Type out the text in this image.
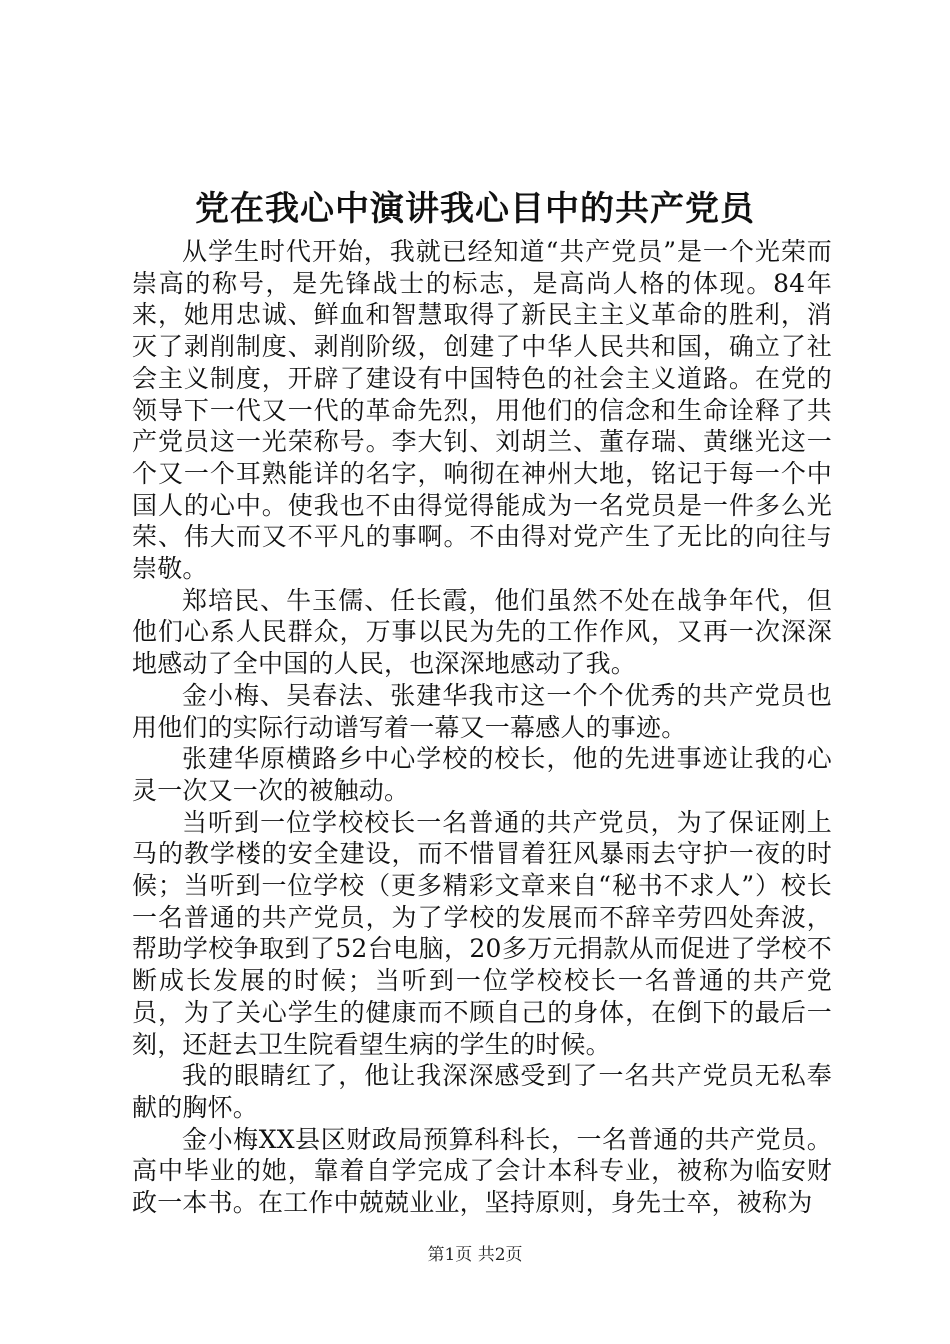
党在我心中演讲我心目中的共产党员

从学生时代开始，我就已经知道“共产党员”是一个光荣而崇高的称号，是先锋战士的标志，是高尚人格的体现。84年来，她用忠诚、鲜血和智慧取得了新民主主义革命的胜利，消灭了剥削制度、剥削阶级，创建了中华人民共和国，确立了社会主义制度，开辟了建设有中国特色的社会主义道路。在党的领导下一代又一代的革命先烈，用他们的信念和生命诠释了共产党员这一光荣称号。李大钊、刘胡兰、董存瑞、黄继光这一个又一个耳熟能详的名字，响彻在神州大地，铭记于每一个中国人的心中。使我也不由得觉得能成为一名党员是一件多么光荣、伟大而又不平凡的事啊。不由得对党产生了无比的向往与崇敬。

郑培民、牛玉儒、任长霞，他们虽然不处在战争年代，但他们心系人民群众，万事以民为先的工作作风，又再一次深深地感动了全中国的人民，也深深地感动了我。

金小梅、吴春法、张建华我市这一个个优秀的共产党员也用他们的实际行动谱写着一幕又一幕感人的事迹。

张建华原横路乡中心学校的校长，他的先进事迹让我的心灵一次又一次的被触动。

当听到一位学校校长一名普通的共产党员，为了保证刚上马的教学楼的安全建设，而不惜冒着狂风暴雨去守护一夜的时候；当听到一位学校（更多精彩文章来自“秘书不求人”）校长一名普通的共产党员，为了学校的发展而不辞辛劳四处奔波，帮助学校争取到了52台电脑，20多万元捐款从而促进了学校不断成长发展的时候；当听到一位学校校长一名普通的共产党员，为了关心学生的健康而不顾自己的身体，在倒下的最后一刻，还赶去卫生院看望生病的学生的时候。

我的眼睛红了，他让我深深感受到了一名共产党员无私奉献的胸怀。

金小梅XX县区财政局预算科科长，一名普通的共产党员。高中毕业的她，靠着自学完成了会计本科专业，被称为临安财政一本书。在工作中兢兢业业，坚持原则，身先士卒，被称为

第1页 共2页
